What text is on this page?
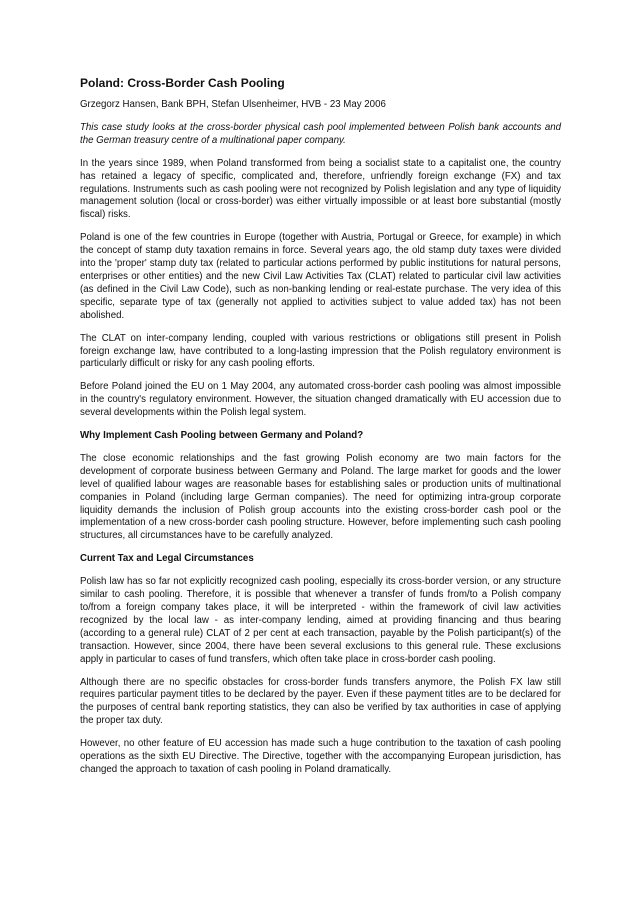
Poland: Cross-Border Cash Pooling
Grzegorz Hansen, Bank BPH, Stefan Ulsenheimer, HVB - 23 May 2006

This case study looks at the cross-border physical cash pool implemented between Polish bank accounts and the German treasury centre of a multinational paper company.

In the years since 1989, when Poland transformed from being a socialist state to a capitalist one, the country has retained a legacy of specific, complicated and, therefore, unfriendly foreign exchange (FX) and tax regulations. Instruments such as cash pooling were not recognized by Polish legislation and any type of liquidity management solution (local or cross-border) was either virtually impossible or at least bore substantial (mostly fiscal) risks.

Poland is one of the few countries in Europe (together with Austria, Portugal or Greece, for example) in which the concept of stamp duty taxation remains in force. Several years ago, the old stamp duty taxes were divided into the 'proper' stamp duty tax (related to particular actions performed by public institutions for natural persons, enterprises or other entities) and the new Civil Law Activities Tax (CLAT) related to particular civil law activities (as defined in the Civil Law Code), such as non-banking lending or real-estate purchase. The very idea of this specific, separate type of tax (generally not applied to activities subject to value added tax) has not been abolished.

The CLAT on inter-company lending, coupled with various restrictions or obligations still present in Polish foreign exchange law, have contributed to a long-lasting impression that the Polish regulatory environment is particularly difficult or risky for any cash pooling efforts.

Before Poland joined the EU on 1 May 2004, any automated cross-border cash pooling was almost impossible in the country's regulatory environment. However, the situation changed dramatically with EU accession due to several developments within the Polish legal system.

Why Implement Cash Pooling between Germany and Poland?

The close economic relationships and the fast growing Polish economy are two main factors for the development of corporate business between Germany and Poland. The large market for goods and the lower level of qualified labour wages are reasonable bases for establishing sales or production units of multinational companies in Poland (including large German companies). The need for optimizing intra-group corporate liquidity demands the inclusion of Polish group accounts into the existing cross-border cash pool or the implementation of a new cross-border cash pooling structure. However, before implementing such cash pooling structures, all circumstances have to be carefully analyzed.

Current Tax and Legal Circumstances

Polish law has so far not explicitly recognized cash pooling, especially its cross-border version, or any structure similar to cash pooling. Therefore, it is possible that whenever a transfer of funds from/to a Polish company to/from a foreign company takes place, it will be interpreted - within the framework of civil law activities recognized by the local law - as inter-company lending, aimed at providing financing and thus bearing (according to a general rule) CLAT of 2 per cent at each transaction, payable by the Polish participant(s) of the transaction. However, since 2004, there have been several exclusions to this general rule. These exclusions apply in particular to cases of fund transfers, which often take place in cross-border cash pooling.

Although there are no specific obstacles for cross-border funds transfers anymore, the Polish FX law still requires particular payment titles to be declared by the payer. Even if these payment titles are to be declared for the purposes of central bank reporting statistics, they can also be verified by tax authorities in case of applying the proper tax duty.

However, no other feature of EU accession has made such a huge contribution to the taxation of cash pooling operations as the sixth EU Directive. The Directive, together with the accompanying European jurisdiction, has changed the approach to taxation of cash pooling in Poland dramatically.
